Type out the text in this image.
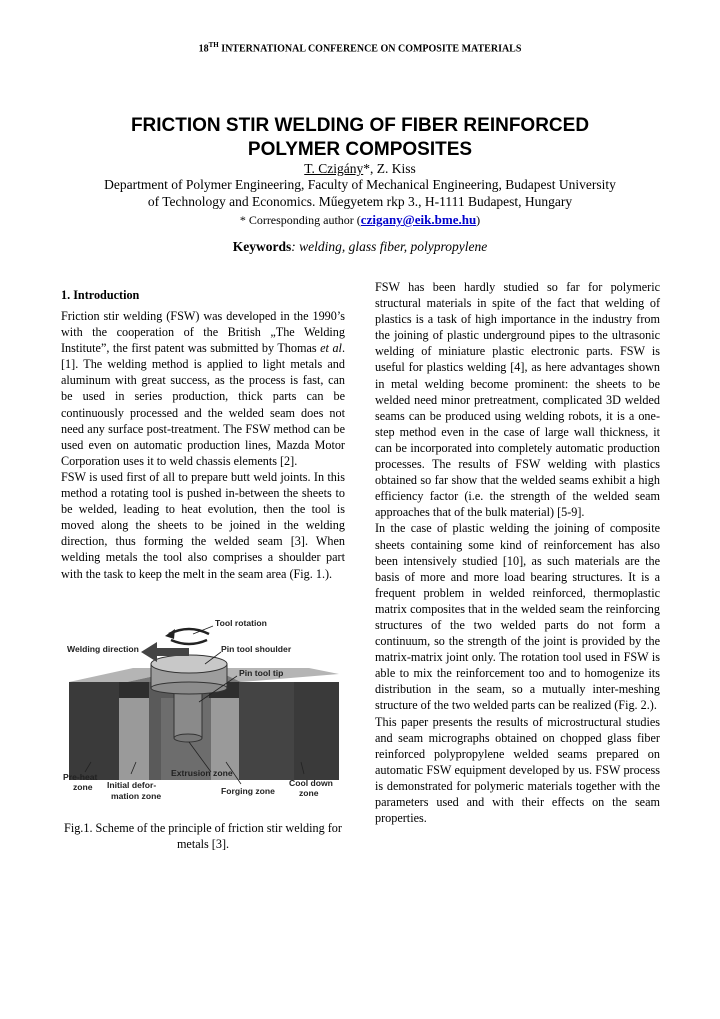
18TH INTERNATIONAL CONFERENCE ON COMPOSITE MATERIALS
FRICTION STIR WELDING OF FIBER REINFORCED
POLYMER COMPOSITES
T. Czigány*, Z. Kiss
Department of Polymer Engineering, Faculty of Mechanical Engineering, Budapest University
of Technology and Economics. Műegyetem rkp 3., H-1111 Budapest, Hungary
* Corresponding author (czigany@eik.bme.hu)
Keywords: welding, glass fiber, polypropylene
1. Introduction

Friction stir welding (FSW) was developed in the 1990’s with the cooperation of the British „The Welding Institute”, the first patent was submitted by Thomas et al. [1]. The welding method is applied to light metals and aluminum with great success, as the process is fast, can be used in series production, thick parts can be continuously processed and the welded seam does not need any surface post-treatment. The FSW method can be used even on automatic production lines, Mazda Motor Corporation uses it to weld chassis elements [2].

FSW is used first of all to prepare butt weld joints. In this method a rotating tool is pushed in-between the sheets to be welded, leading to heat evolution, then the tool is moved along the sheets to be joined in the welding direction, thus forming the welded seam [3]. When welding metals the tool also comprises a shoulder part with the task to keep the melt in the seam area (Fig. 1.).

Tool rotation
Welding direction	Pin tool shoulder
Pin tool tip
Extrusion zone
Pre-heat
zone Initial defor-
mation zone	Forging zone
Cool down
zone
Fig.1. Scheme of the principle of friction stir welding for metals [3].

FSW has been hardly studied so far for polymeric structural materials in spite of the fact that welding of plastics is a task of high importance in the industry from the joining of plastic underground pipes to the ultrasonic welding of miniature plastic electronic parts. FSW is useful for plastics welding [4], as here advantages shown in metal welding become prominent: the sheets to be welded need minor pretreatment, complicated 3D welded seams can be produced using welding robots, it is a one-step method even in the case of large wall thickness, it can be incorporated into completely automatic production processes. The results of FSW welding with plastics obtained so far show that the welded seams exhibit a high efficiency factor (i.e. the strength of the welded seam approaches that of the bulk material) [5-9].

In the case of plastic welding the joining of composite sheets containing some kind of reinforcement has also been intensively studied [10], as such materials are the basis of more and more load bearing structures. It is a frequent problem in welded reinforced, thermoplastic matrix composites that in the welded seam the reinforcing structures of the two welded parts do not form a continuum, so the strength of the joint is provided by the matrix-matrix joint only. The rotation tool used in FSW is able to mix the reinforcement too and to homogenize its distribution in the seam, so a mutually inter-meshing structure of the two welded parts can be realized (Fig. 2.).

This paper presents the results of microstructural studies and seam micrographs obtained on chopped glass fiber reinforced polypropylene welded seams prepared on automatic FSW equipment developed by us. FSW process is demonstrated for polymeric materials together with the parameters used and with their effects on the seam properties.
